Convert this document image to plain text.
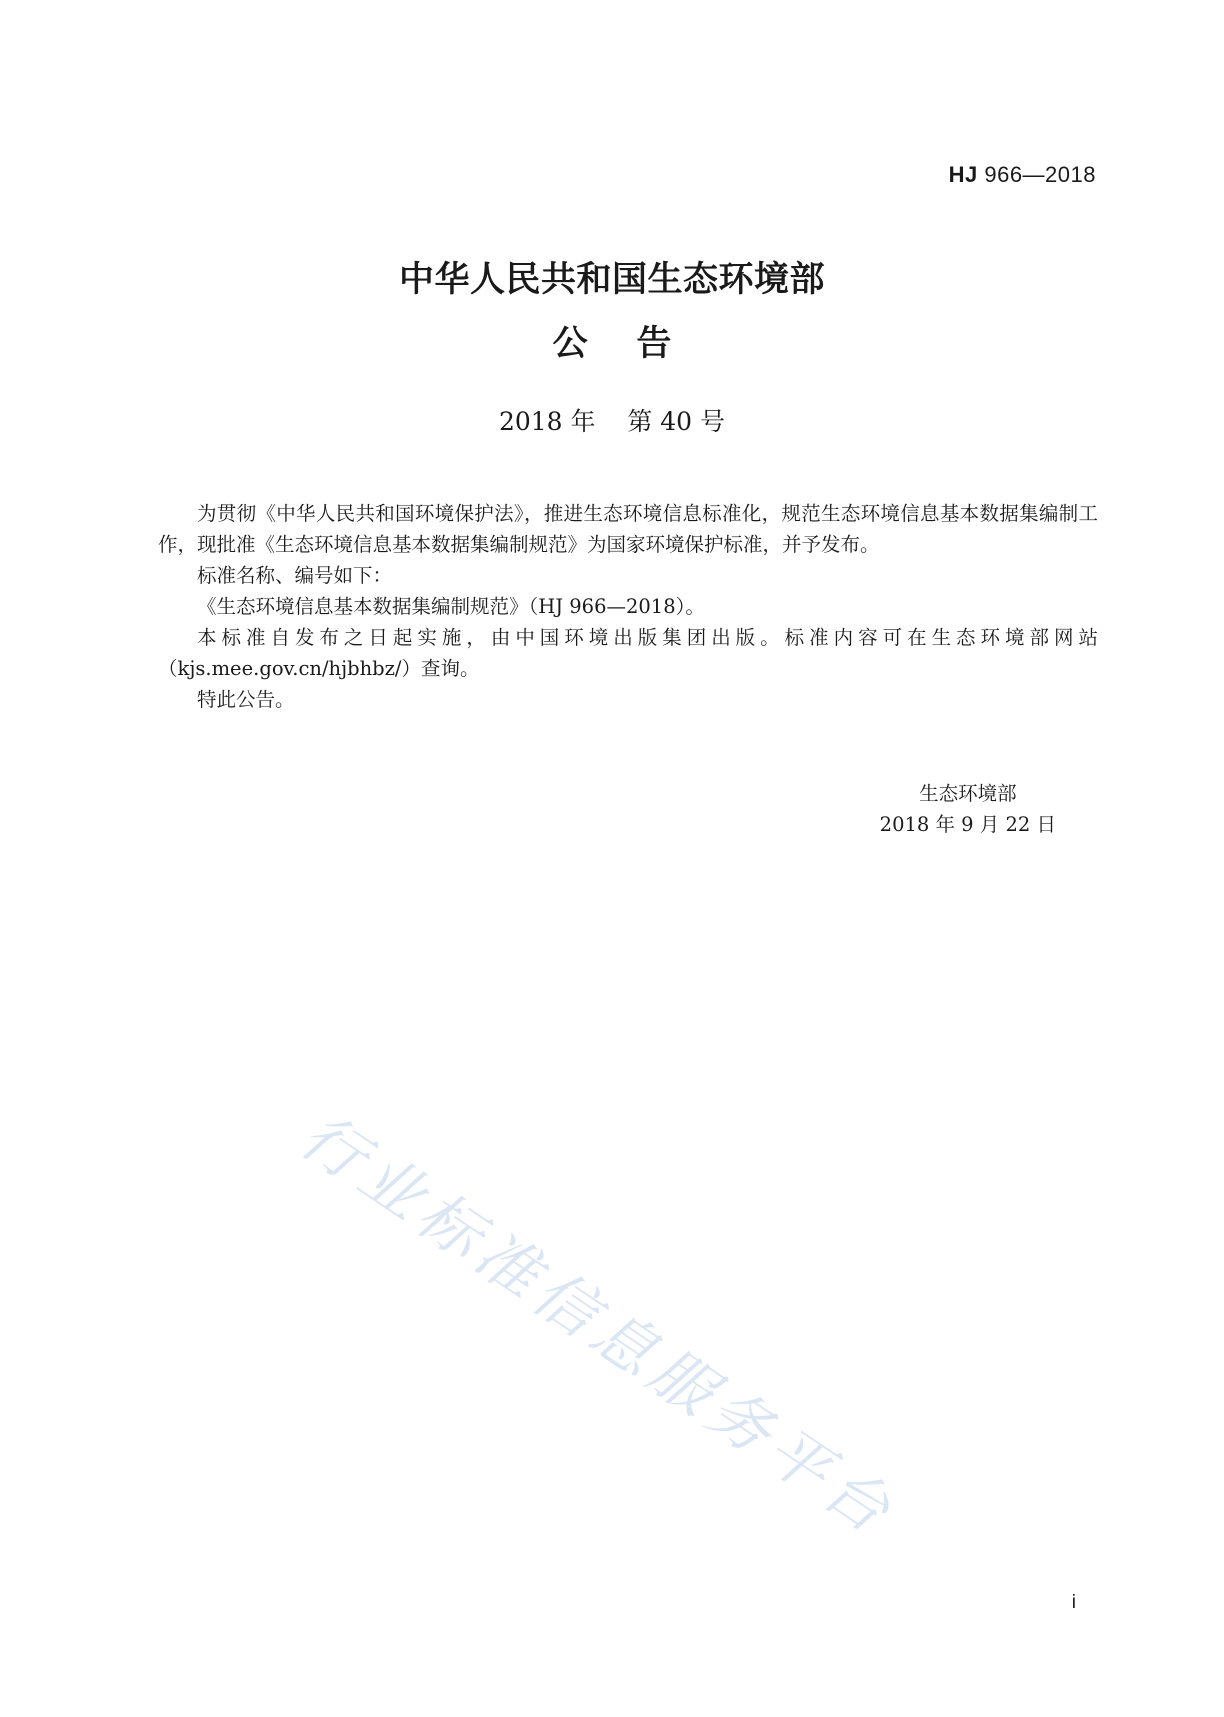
HJ 966—2018
中华人民共和国生态环境部
公    告
2018 年    第 40 号

为贯彻《中华人民共和国环境保护法》，推进生态环境信息标准化，规范生态环境信息基本数据集编制工作，现批准《生态环境信息基本数据集编制规范》为国家环境保护标准，并予发布。

标准名称、编号如下：

《生态环境信息基本数据集编制规范》（HJ 966—2018）。

本标准自发布之日起实施，由中国环境出版集团出版。标准内容可在生态环境部网站（kjs.mee.gov.cn/hjbhbz/）查询。

特此公告。

生态环境部
2018 年 9 月 22 日
行业标准信息服务平台
i
